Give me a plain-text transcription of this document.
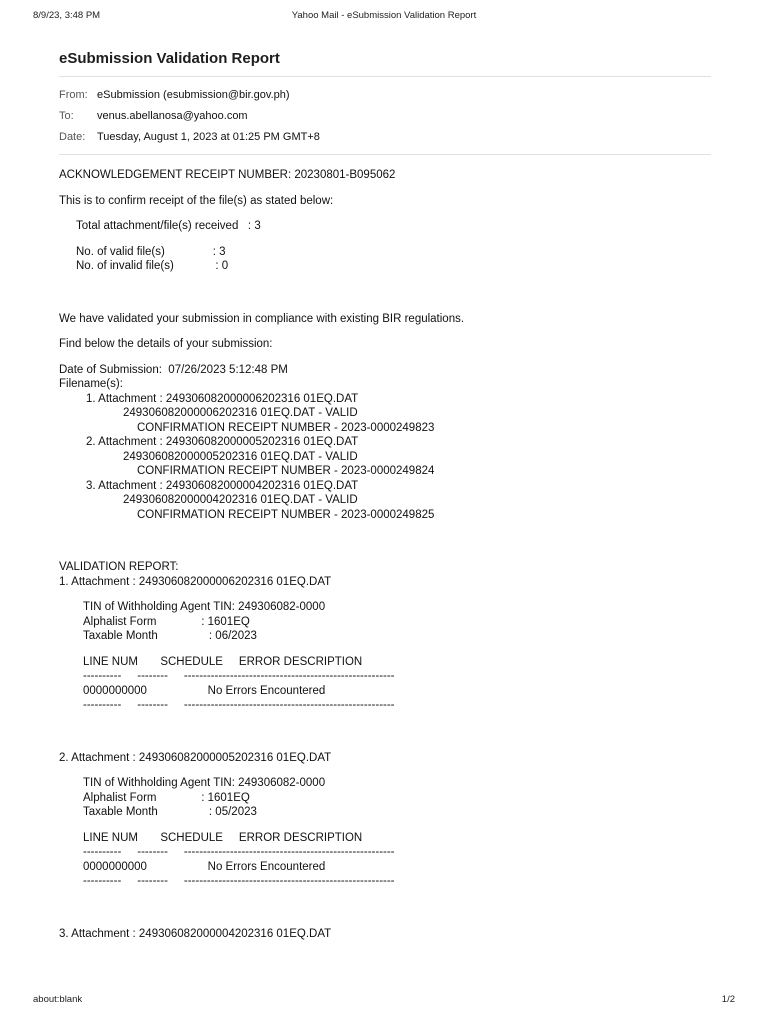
8/9/23, 3:48 PM	Yahoo Mail - eSubmission Validation Report
eSubmission Validation Report
From: eSubmission (esubmission@bir.gov.ph)
To:	venus.abellanosa@yahoo.com
Date:	Tuesday, August 1, 2023 at 01:25 PM GMT+8
ACKNOWLEDGEMENT RECEIPT NUMBER: 20230801-B095062
This is to confirm receipt of the file(s) as stated below:
Total attachment/file(s) received   : 3
No. of valid file(s)               : 3
No. of invalid file(s)             : 0
We have validated your submission in compliance with existing BIR regulations.
Find below the details of your submission:
Date of Submission:  07/26/2023 5:12:48 PM
Filename(s):
1. Attachment : 249306082000006202316 01EQ.DAT
249306082000006202316 01EQ.DAT - VALID
CONFIRMATION RECEIPT NUMBER - 2023-0000249823
2. Attachment : 249306082000005202316 01EQ.DAT
249306082000005202316 01EQ.DAT - VALID
CONFIRMATION RECEIPT NUMBER - 2023-0000249824
3. Attachment : 249306082000004202316 01EQ.DAT
249306082000004202316 01EQ.DAT - VALID
CONFIRMATION RECEIPT NUMBER - 2023-0000249825
VALIDATION REPORT:
1. Attachment : 249306082000006202316 01EQ.DAT
TIN of Withholding Agent TIN: 249306082-0000
Alphalist Form              : 1601EQ
Taxable Month                : 06/2023
LINE NUM       SCHEDULE     ERROR DESCRIPTION
----------     --------     -------------------------------------------------------
0000000000                   No Errors Encountered
----------     --------     -------------------------------------------------------
2. Attachment : 249306082000005202316 01EQ.DAT
TIN of Withholding Agent TIN: 249306082-0000
Alphalist Form              : 1601EQ
Taxable Month                : 05/2023
LINE NUM       SCHEDULE     ERROR DESCRIPTION
----------     --------     -------------------------------------------------------
0000000000                   No Errors Encountered
----------     --------     -------------------------------------------------------
3. Attachment : 249306082000004202316 01EQ.DAT
about:blank	1/2
